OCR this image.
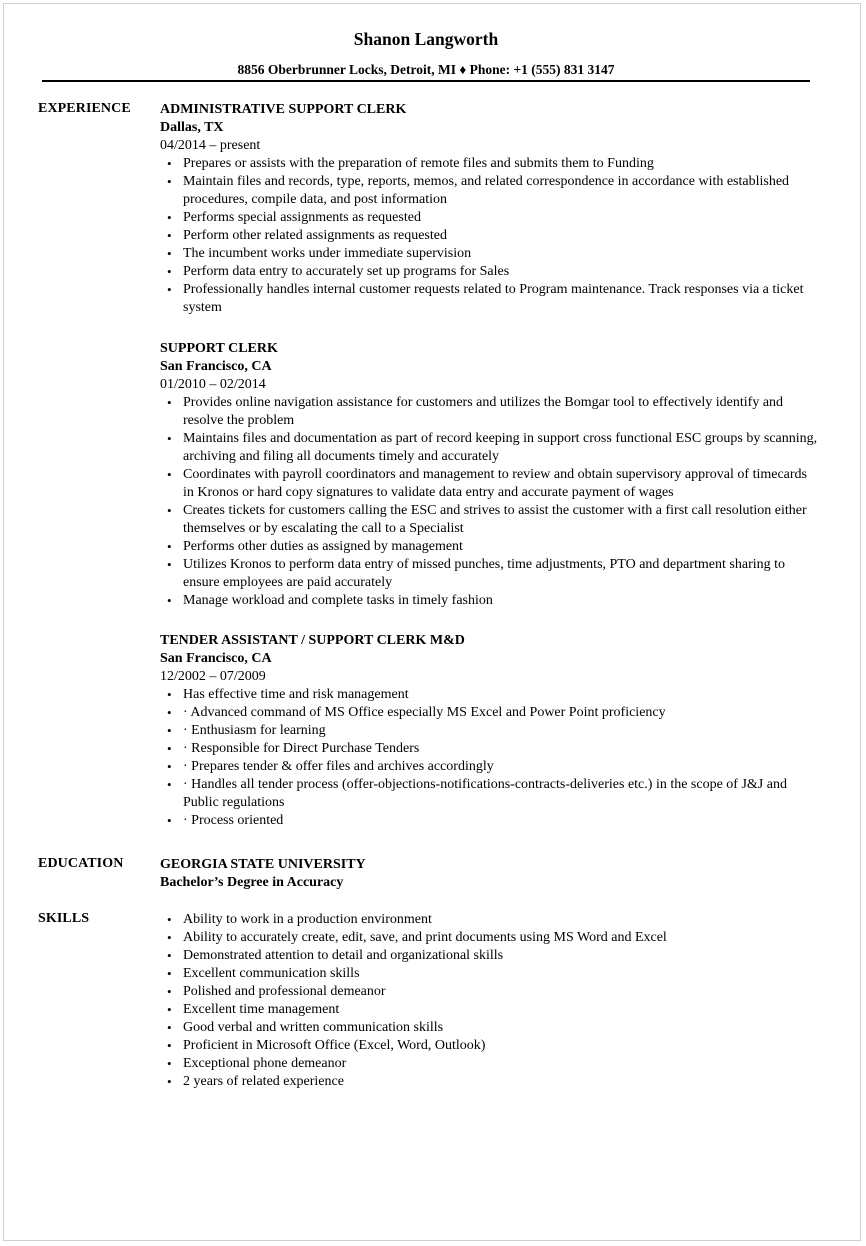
Shanon Langworth
8856 Oberbrunner Locks, Detroit, MI ♦ Phone: +1 (555) 831 3147
EXPERIENCE ADMINISTRATIVE SUPPORT CLERK
Dallas, TX
04/2014 – present
• Prepares or assists with the preparation of remote files and submits them to Funding
• Maintain files and records, type, reports, memos, and related correspondence in accordance with established procedures, compile data, and post information
• Performs special assignments as requested
• Perform other related assignments as requested
• The incumbent works under immediate supervision
• Perform data entry to accurately set up programs for Sales
• Professionally handles internal customer requests related to Program maintenance. Track responses via a ticket system
SUPPORT CLERK
San Francisco, CA
01/2010 – 02/2014
• Provides online navigation assistance for customers and utilizes the Bomgar tool to effectively identify and resolve the problem
• Maintains files and documentation as part of record keeping in support cross functional ESC groups by scanning, archiving and filing all documents timely and accurately
• Coordinates with payroll coordinators and management to review and obtain supervisory approval of timecards in Kronos or hard copy signatures to validate data entry and accurate payment of wages
• Creates tickets for customers calling the ESC and strives to assist the customer with a first call resolution either themselves or by escalating the call to a Specialist
• Performs other duties as assigned by management
• Utilizes Kronos to perform data entry of missed punches, time adjustments, PTO and department sharing to ensure employees are paid accurately
• Manage workload and complete tasks in timely fashion
TENDER ASSISTANT / SUPPORT CLERK M&D
San Francisco, CA
12/2002 – 07/2009
• Has effective time and risk management
• · Advanced command of MS Office especially MS Excel and Power Point proficiency
• · Enthusiasm for learning
• · Responsible for Direct Purchase Tenders
• · Prepares tender & offer files and archives accordingly
• · Handles all tender process (offer-objections-notifications-contracts-deliveries etc.) in the scope of J&J and Public regulations
• · Process oriented
EDUCATION	GEORGIA STATE UNIVERSITY
Bachelor’s Degree in Accuracy
SKILLS
•	Ability to work in a production environment
• Ability to accurately create, edit, save, and print documents using MS Word and Excel
• Demonstrated attention to detail and organizational skills
• Excellent communication skills
• Polished and professional demeanor
• Excellent time management
• Good verbal and written communication skills
• Proficient in Microsoft Office (Excel, Word, Outlook)
• Exceptional phone demeanor
• 2 years of related experience
